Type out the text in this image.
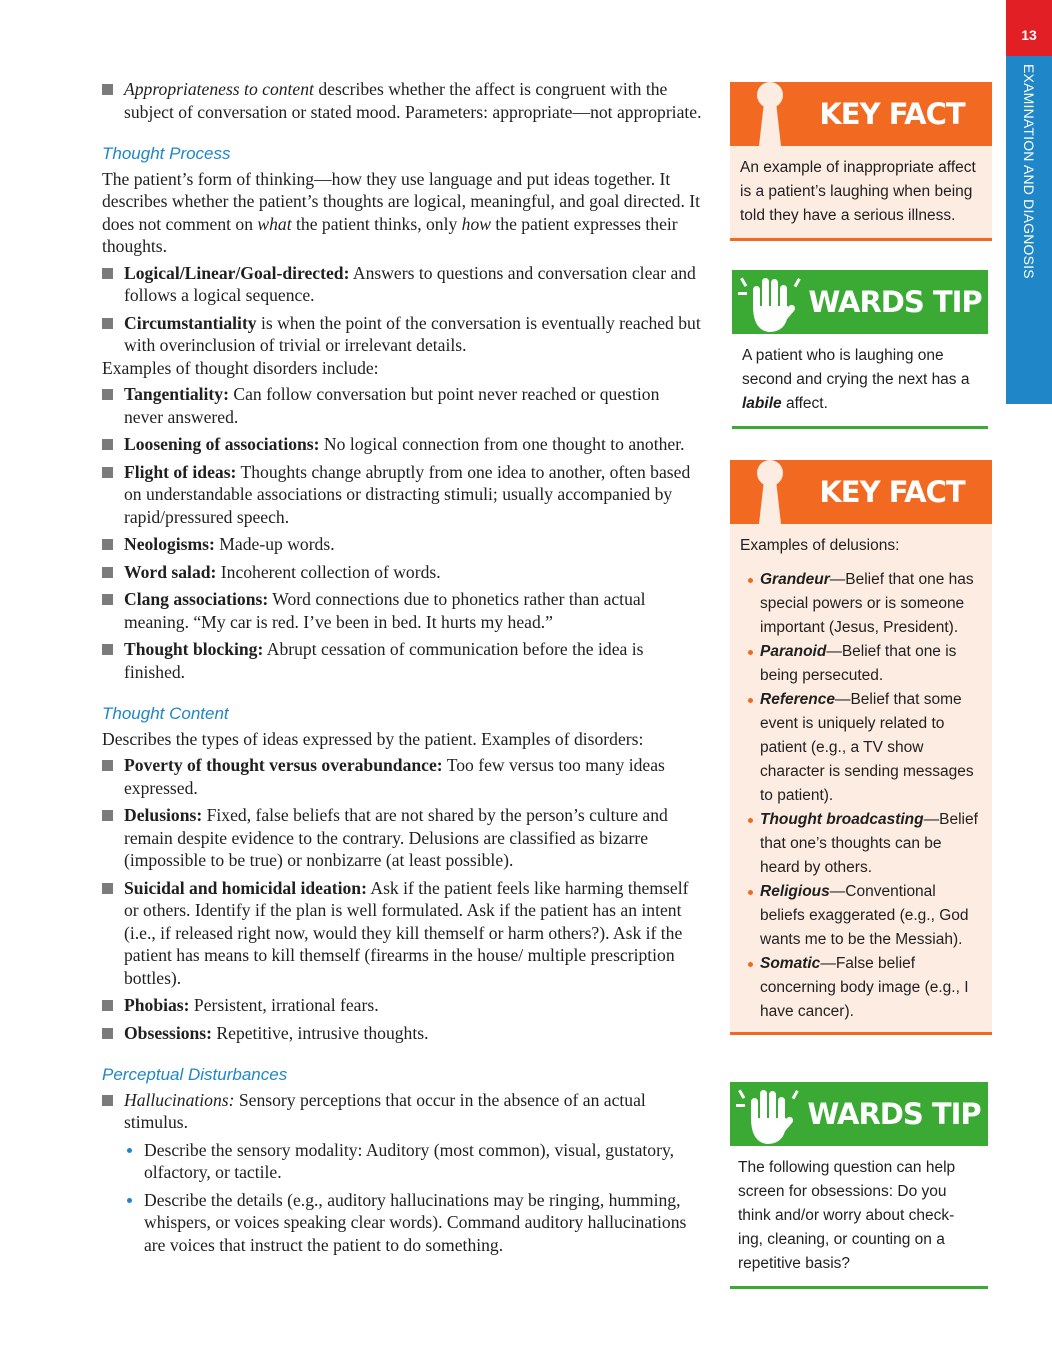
13
EXAMINATION AND DIAGNOSIS
Appropriateness to content describes whether the affect is congruent with the subject of conversation or stated mood. Parameters: appropriate—not appropriate.
Thought Process
The patient’s form of thinking—how they use language and put ideas together. It describes whether the patient’s thoughts are logical, meaningful, and goal directed. It does not comment on what the patient thinks, only how the patient expresses their thoughts.
Logical/Linear/Goal-directed: Answers to questions and conversation clear and follows a logical sequence.
Circumstantiality is when the point of the conversation is eventually reached but with overinclusion of trivial or irrelevant details.
Examples of thought disorders include:
Tangentiality: Can follow conversation but point never reached or question never answered.
Loosening of associations: No logical connection from one thought to another.
Flight of ideas: Thoughts change abruptly from one idea to another, often based on understandable associations or distracting stimuli; usually accompanied by rapid/pressured speech.
Neologisms: Made-up words.
Word salad: Incoherent collection of words.
Clang associations: Word connections due to phonetics rather than actual meaning. “My car is red. I’ve been in bed. It hurts my head.”
Thought blocking: Abrupt cessation of communication before the idea is finished.
Thought Content
Describes the types of ideas expressed by the patient. Examples of disorders:
Poverty of thought versus overabundance: Too few versus too many ideas expressed.
Delusions: Fixed, false beliefs that are not shared by the person’s culture and remain despite evidence to the contrary. Delusions are classified as bizarre (impossible to be true) or nonbizarre (at least possible).
Suicidal and homicidal ideation: Ask if the patient feels like harming themself or others. Identify if the plan is well formulated. Ask if the patient has an intent (i.e., if released right now, would they kill themself or harm others?). Ask if the patient has means to kill themself (firearms in the house/ multiple prescription bottles).
Phobias: Persistent, irrational fears.
Obsessions: Repetitive, intrusive thoughts.
Perceptual Disturbances
Hallucinations: Sensory perceptions that occur in the absence of an actual stimulus.
Describe the sensory modality: Auditory (most common), visual, gustatory, olfactory, or tactile.
Describe the details (e.g., auditory hallucinations may be ringing, humming, whispers, or voices speaking clear words). Command auditory hallucinations are voices that instruct the patient to do something.
KEY FACT
An example of inappropriate affect is a patient’s laughing when being told they have a serious illness.
WARDS TIP
A patient who is laughing one second and crying the next has a labile affect.
KEY FACT
Examples of delusions:
Grandeur—Belief that one has special powers or is someone important (Jesus, President).
Paranoid—Belief that one is being persecuted.
Reference—Belief that some event is uniquely related to patient (e.g., a TV show character is sending messages to patient).
Thought broadcasting—Belief that one’s thoughts can be heard by others.
Religious—Conventional beliefs exaggerated (e.g., God wants me to be the Messiah).
Somatic—False belief concerning body image (e.g., I have cancer).
WARDS TIP
The following question can help screen for obsessions: Do you think and/or worry about check-ing, cleaning, or counting on a repetitive basis?
